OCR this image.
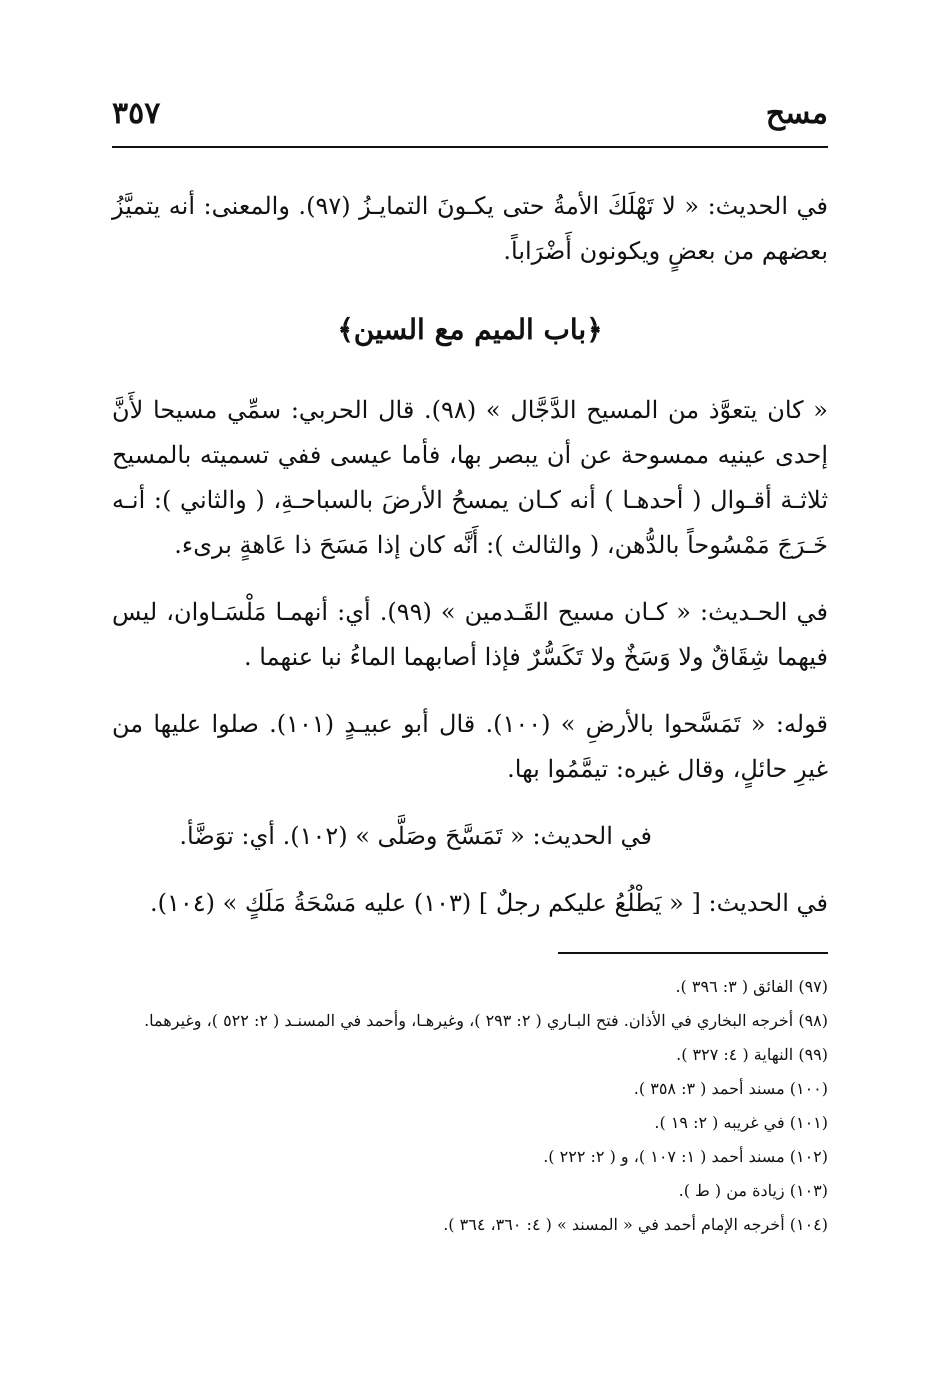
مسح
٣٥٧

في الحديث: « لا تَهْلَكَ الأمةُ حتى يكـونَ التمايـزُ (٩٧). والمعنى: أنه يتميَّزُ بعضهم من بعضٍ ويكونون أَضْرَاباً.

﴿باب الميم مع السين﴾

« كان يتعوَّذ من المسيح الدَّجَّال » (٩٨). قال الحربي: سمِّي مسيحا لأَنَّ إحدى عينيه ممسوحة عن أن يبصر بها، فأما عيسى ففي تسميته بالمسيح ثلاثـة أقـوال ( أحدهـا ) أنه كـان يمسحُ الأرضَ بالسباحـةِ، ( والثاني ): أنـه خَـرَجَ مَمْسُوحاً بالدُّهن، ( والثالث ): أَنَّه كان إذا مَسَحَ ذا عَاهةٍ برىء.

في الحـديث: « كـان مسيح القَـدمين » (٩٩). أي: أنهمـا مَلْسَـاوان، ليس فيهما شِقَاقٌ ولا وَسَخٌ ولا تَكَسُّرٌ فإذا أصابهما الماءُ نبا عنهما .

قوله: « تَمَسَّحوا بالأرضِ » (١٠٠). قال أبو عبيـدٍ (١٠١). صلوا عليها من غيرِ حائلٍ، وقال غيره: تيمَّمُوا بها.

في الحديث: « تَمَسَّحَ وصَلَّى » (١٠٢). أي: توَضَّأ.

في الحديث: [ « يَطْلُعُ عليكم رجلٌ ] (١٠٣) عليه مَسْحَةُ مَلَكٍ » (١٠٤).

(٩٧) الفائق ( ٣: ٣٩٦ ).
(٩٨) أخرجه البخاري في الأذان. فتح البـاري ( ٢: ٢٩٣ )، وغيرهـا، وأحمد في المسنـد ( ٢: ٥٢٢ )، وغيرهما.
(٩٩) النهاية ( ٤: ٣٢٧ ).
(١٠٠) مسند أحمد ( ٣: ٣٥٨ ).
(١٠١) في غريبه ( ٢: ١٩ ).
(١٠٢) مسند أحمد ( ١: ١٠٧ )، و ( ٢: ٢٢٢ ).
(١٠٣) زيادة من ( ط ).
(١٠٤) أخرجه الإمام أحمد في « المسند » ( ٤: ٣٦٠، ٣٦٤ ).
